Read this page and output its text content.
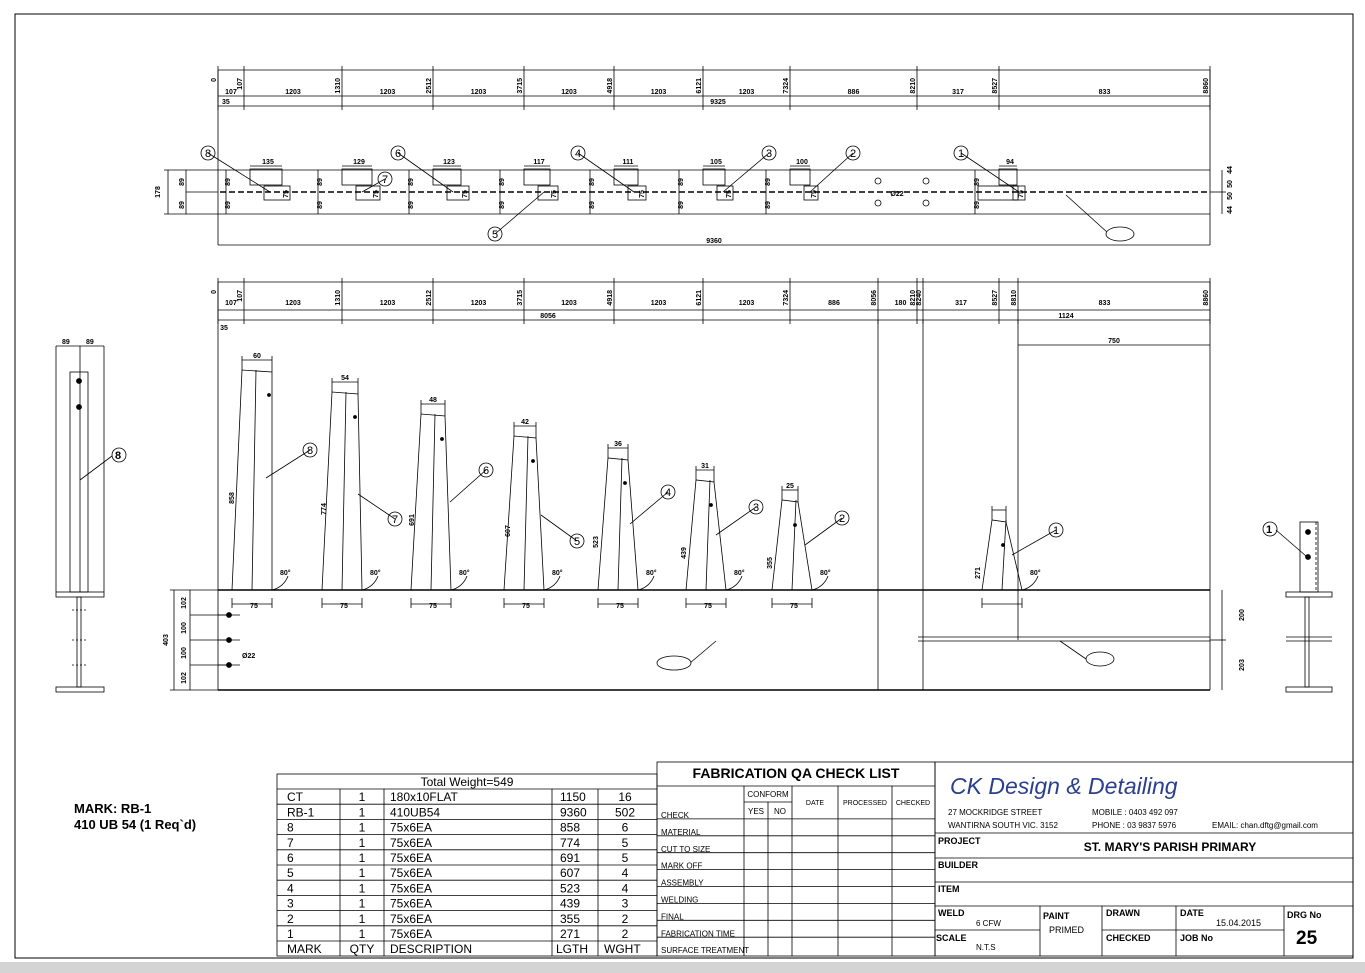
0	107	1310	2512	3715	4918	6121	7324	8210	8527	8860
107	1203	1203	1203	1203	1203	1203	886	317	833
9325
35
9360
178
89
89
44
50
50
44
Ø22
135
8
75
89
89
129
7
75
89
89
123
6
75
89
89
117
5
75
89
89
111
4
75
89
89
105
3
75
89
89
100
2
75
89
89
94
1
75
89
89
0	107	1310	2512	3715	4918	6121	7324	8056	8210 8240	8527 8810	8860
107	1203	1203	1203	1203	1203	1203	886	180	317	833
8056	1124
750
35
60
858
75
80°
8
54
774
75
80°
7
48
691
75
80°
6
42
607
75
80°
5
36
523
75
80°
4
31
439
75
80°
3
25
355
75
80°
2
271	80°
1
403
102
100
100
102
Ø22
200
203
89 89
8
1
MARK: RB-1
410 UB 54 (1 Req`d)
CT	1 180x10FLAT	1150	16
RB-1	1 410UB54	9360 502
8	1 75x6EA	858	6
7	1 75x6EA	774	5
6	1 75x6EA	691	5
5	1 75x6EA	607	4
4	1 75x6EA	523	4
3	1 75x6EA	439	3
2	1 75x6EA	355	2
1	1 75x6EA	271	2
MARK QTY DESCRIPTION	LGTH WGHT
Total Weight=549
CHECK
MATERIAL
CUT TO SIZE
MARK OFF
ASSEMBLY
WELDING
FINAL
FABRICATION TIME
SURFACE TREATMENT
FABRICATION QA CHECK LIST
CONFORM
YES NO
DATE	PROCESSED CHECKED
CK Design & Detailing
27 MOCKRIDGE STREET
WANTIRNA SOUTH VIC. 3152
MOBILE : 0403 492 097
PHONE : 03 9837 5976	EMAIL: chan.dftg@gmail.com
PROJECT	ST. MARY'S PARISH PRIMARY
BUILDER
ITEM
WELD
6 CFW
SCALE
N.T.S
PAINT
PRIMED
DRAWN
CHECKED
DATE
15.04.2015
JOB No
DRG No
25
